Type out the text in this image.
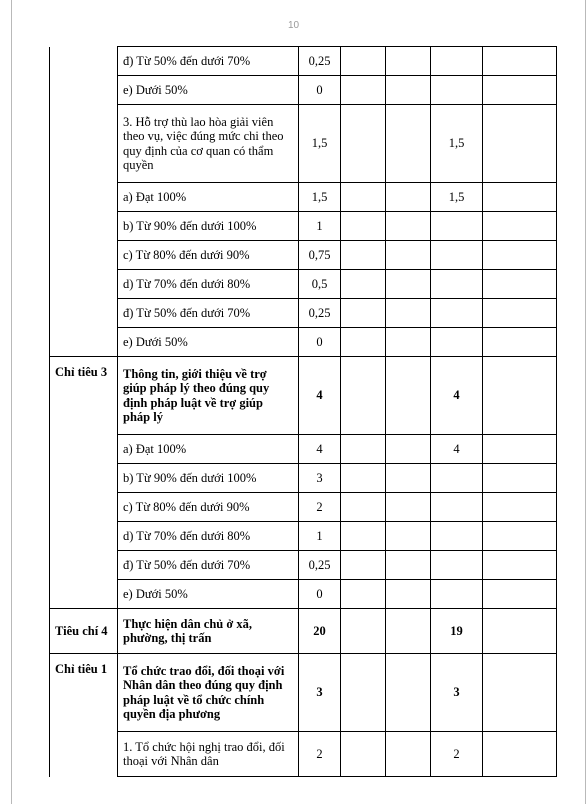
10
	đ) Từ 50% đến dưới 70%	0,25				
	e) Dưới 50%	0				
	3. Hỗ trợ thù lao hòa giải viên theo vụ, việc đúng mức chi theo quy định của cơ quan có thẩm quyền	1,5			1,5	
	a) Đạt 100%	1,5			1,5	
	b) Từ 90% đến dưới 100%	1				
	c) Từ 80% đến dưới 90%	0,75				
	d) Từ 70% đến dưới 80%	0,5				
	đ) Từ 50% đến dưới 70%	0,25				
	e) Dưới 50%	0				
Chỉ tiêu 3	Thông tin, giới thiệu về trợ giúp pháp lý theo đúng quy định pháp luật về trợ giúp pháp lý	4			4	
	a) Đạt 100%	4			4	
	b) Từ 90% đến dưới 100%	3				
	c) Từ 80% đến dưới 90%	2				
	d) Từ 70% đến dưới 80%	1				
	đ) Từ 50% đến dưới 70%	0,25				
	e) Dưới 50%	0				
Tiêu chí 4	Thực hiện dân chủ ở xã, phường, thị trấn	20			19	
Chỉ tiêu 1	Tổ chức trao đổi, đối thoại với Nhân dân theo đúng quy định pháp luật về tổ chức chính quyền địa phương	3			3	
	1. Tổ chức hội nghị trao đổi, đối thoại với Nhân dân	2			2	
